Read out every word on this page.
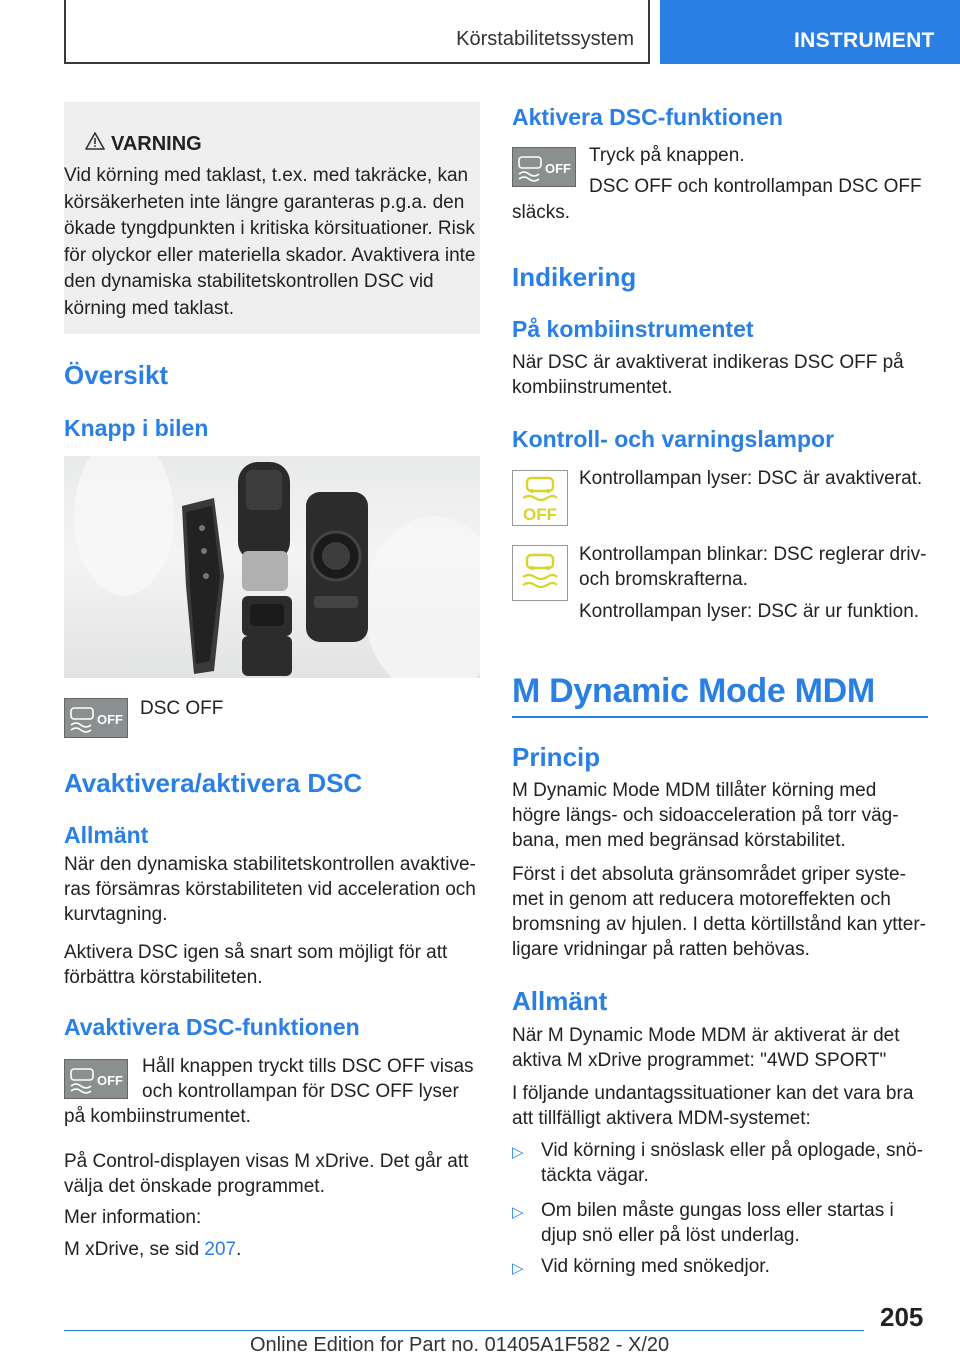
Körstabilitetssystem	INSTRUMENT
VARNING

Vid körning med taklast, t.ex. med takräcke, kan körsäkerheten inte längre garanteras p.g.a. den ökade tyngdpunkten i kritiska körsituationer. Risk för olyckor eller materiella skador. Avaktivera inte den dynamiska stabilitetskontrollen DSC vid körning med taklast.

Översikt
Knapp i bilen
OFF
DSC OFF
Avaktivera/aktivera DSC
Allmänt

När den dynamiska stabilitetskontrollen avaktiveras försämras körstabiliteten vid acceleration och kurvtagning.

Aktivera DSC igen så snart som möjligt för att förbättra körstabiliteten.

Avaktivera DSC-funktionen
OFF

Håll knappen tryckt tills DSC OFF visas och kontrollampan för DSC OFF lyser

på kombiinstrumentet.

På Control-displayen visas M xDrive. Det går att välja det önskade programmet.

Mer information:

M xDrive, se sid 207.

Aktivera DSC-funktionen
OFF

Tryck på knappen.

DSC OFF och kontrollampan DSC OFF

släcks.

Indikering
På kombiinstrumentet

När DSC är avaktiverat indikeras DSC OFF på kombiinstrumentet.

Kontroll- och varningslampor
OFF

Kontrollampan lyser: DSC är avaktiverat.

Kontrollampan blinkar: DSC reglerar driv- och bromskrafterna.

Kontrollampan lyser: DSC är ur funktion.

M Dynamic Mode MDM
Princip

M Dynamic Mode MDM tillåter körning med högre längs- och sidoacceleration på torr vägbana, men med begränsad körstabilitet.

Först i det absoluta gränsområdet griper systemet in genom att reducera motoreffekten och bromsning av hjulen. I detta körtillstånd kan ytterligare vridningar på ratten behövas.

Allmänt

När M Dynamic Mode MDM är aktiverat är det aktiva M xDrive programmet: "4WD SPORT"

I följande undantagssituationer kan det vara bra att tillfälligt aktivera MDM-systemet:

▷ Vid körning i snöslask eller på oplogade, snötäckta vägar.

▷ Om bilen måste gungas loss eller startas i djup snö eller på löst underlag.

▷ Vid körning med snökedjor.

205
Online Edition for Part no. 01405A1F582 - X/20
